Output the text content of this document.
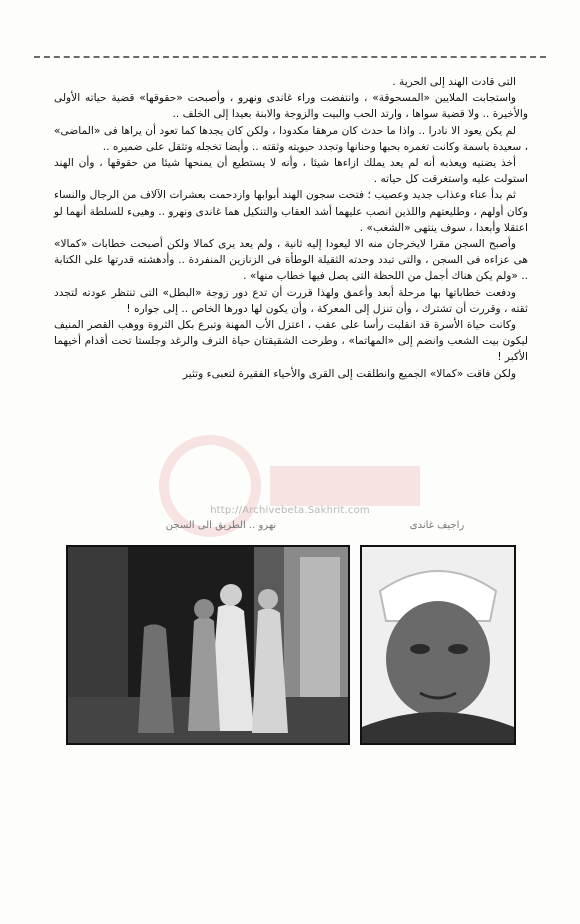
التى قادت الهند إلى الحرية .

واستجابت الملايين «المسحوقة» ، وانتفضت وراء غاندى ونهرو ، وأصبحت «حقوقها» قضية حياته الأولى والأخيرة .. ولا قضية سواها ، وارتد الحب والبيت والزوجة والابنة بعيدا إلى الخلف ..

لم يكن يعود الا نادرا .. واذا ما حدث كان مرهقا مكدودا ، ولكن كان يجدها كما تعود أن يراها فى «الماضى» ، سعيدة باسمة وكانت تغمره بحبها وحنانها وتجدد حيويته وثقته .. وأيضا تخجله وتثقل على ضميره ..

أخذ يضنيه ويعذبه أنه لم يعد يملك ازاءها شيئا ، وأنه لا يستطيع أن يمنحها شيئا من حقوقها ، وأن الهند استولت عليه واستغرقت كل حياته .

ثم بدأ عناء وعذاب جديد وعصيب ؛ فتحت سجون الهند أبوابها وازدحمت بعشرات الآلاف من الرجال والنساء وكان أولهم ، وطليعتهم واللذين انصب عليهما أشد العقاب والتنكيل هما غاندى ونهرو .. وهيىء للسلطة أنهما لو اعتقلا وأبعدا ، سوف ينتهى «الشغب» .

وأصبح السجن مقرا لايخرجان منه الا ليعودا إليه ثانية ، ولم يعد يرى كمالا ولكن أصبحت خطابات «كمالا» هى عزاءه فى السجن ، والتى تبدد وحدته الثقيلة الوطأة فى الزنازين المنفردة .. وأدهشته قدرتها على الكتابة .. «ولم يكن هناك أجمل من اللحظة التى يصل فيها خطاب منها» .

ودفعت خطاباتها بها مرحلة أبعد وأعمق ولهذا قررت أن تدع دور زوجة «البطل» التى تنتظر عودته لتجدد ثقته ، وقررت أن تشترك ، وأن تنزل إلى المعركة ، وأن يكون لها دورها الخاص .. إلى جواره !

وكانت حياة الأسرة قد انقلبت رأسا على عقب ، اعتزل الأب المهنة وتبرع بكل الثروة ووهب القصر المنيف ليكون بيت الشعب وانضم إلى «المهاتما» ، وطرحت الشقيقتان حياة الترف والرغد وجلستا تحت أقدام أخيهما الأكبر !

ولكن فاقت «كمالا» الجميع وانطلقت إلى القرى والأحياء الفقيرة لتعبىء وتثير

http://Archivebeta.Sakhrit.com
راجيف غاندى
نهرو .. الطريق الى السجن
